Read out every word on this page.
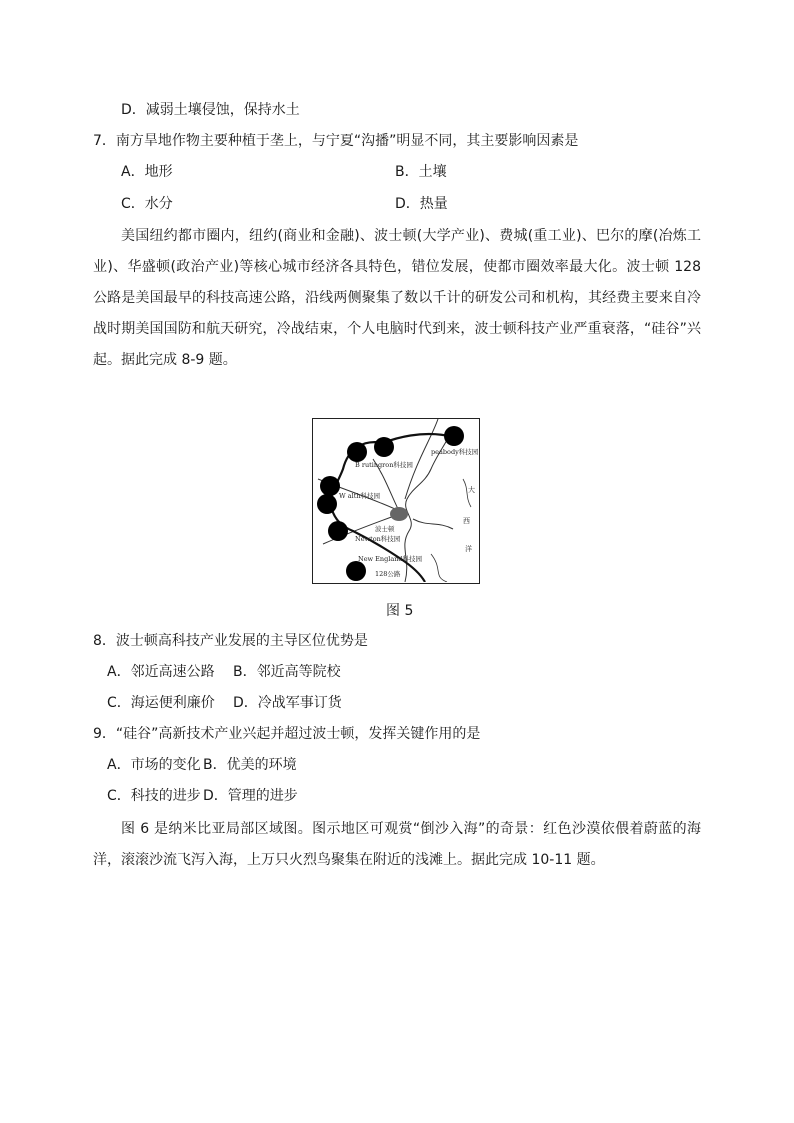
D．减弱土壤侵蚀，保持水土
7．南方旱地作物主要种植于垄上，与宁夏“沟播”明显不同，其主要影响因素是
A．地形	B．土壤
C．水分	D．热量
美国纽约都市圈内，纽约(商业和金融)、波士顿(大学产业)、费城(重工业)、巴尔的摩(冶炼工业)、华盛顿(政治产业)等核心城市经济各具特色，错位发展，使都市圈效率最大化。波士顿 128 公路是美国最早的科技高速公路，沿线两侧聚集了数以千计的研发公司和机构，其经费主要来自冷战时期美国国防和航天研究，冷战结束，个人电脑时代到来，波士顿科技产业严重衰落，“硅谷”兴起。据此完成 8-9 题。
peabody科技园
B rutingron科技园
W alth科技园
波士顿
Newton科技园
New England科技园
128公路
大
西
洋
图 5
8．波士顿高科技产业发展的主导区位优势是
A．邻近高速公路 B．邻近高等院校
C．海运便利廉价 D．冷战军事订货
9．“硅谷”高新技术产业兴起并超过波士顿，发挥关键作用的是
A．市场的变化 B．优美的环境
C．科技的进步 D．管理的进步
图 6 是纳米比亚局部区域图。图示地区可观赏“倒沙入海”的奇景：红色沙漠依偎着蔚蓝的海洋，滚滚沙流飞泻入海，上万只火烈鸟聚集在附近的浅滩上。据此完成 10-11 题。
